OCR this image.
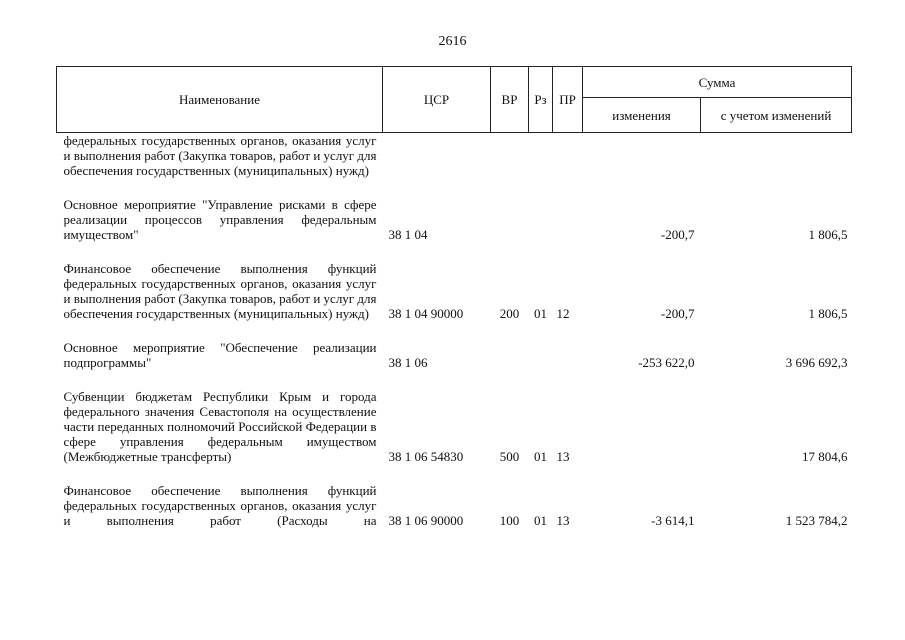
2616
Наименование	ЦСР	ВР	Рз	ПР	Сумма	
					изменения	с учетом изменений
федеральных государственных органов, оказания услуг и выполнения работ (Закупка товаров, работ и услуг для обеспечения государственных (муниципальных) нужд)						

Основное мероприятие "Управление рисками в сфере реализации процессов управления федеральным имуществом"	38 1 04				-200,7	1 806,5

Финансовое обеспечение выполнения функций федеральных государственных органов, оказания услуг и выполнения работ (Закупка товаров, работ и услуг для обеспечения государственных (муниципальных) нужд)	38 1 04 90000	200	01	12	-200,7	1 806,5

Основное мероприятие "Обеспечение реализации подпрограммы"	38 1 06				-253 622,0	3 696 692,3

Субвенции бюджетам Республики Крым и города федерального значения Севастополя на осуществление части переданных полномочий Российской Федерации в сфере управления федеральным имуществом (Межбюджетные трансферты)	38 1 06 54830	500	01	13		17 804,6

Финансовое обеспечение выполнения функций федеральных государственных органов, оказания услуг и выполнения работ (Расходы на	38 1 06 90000	100	01	13	-3 614,1	1 523 784,2
